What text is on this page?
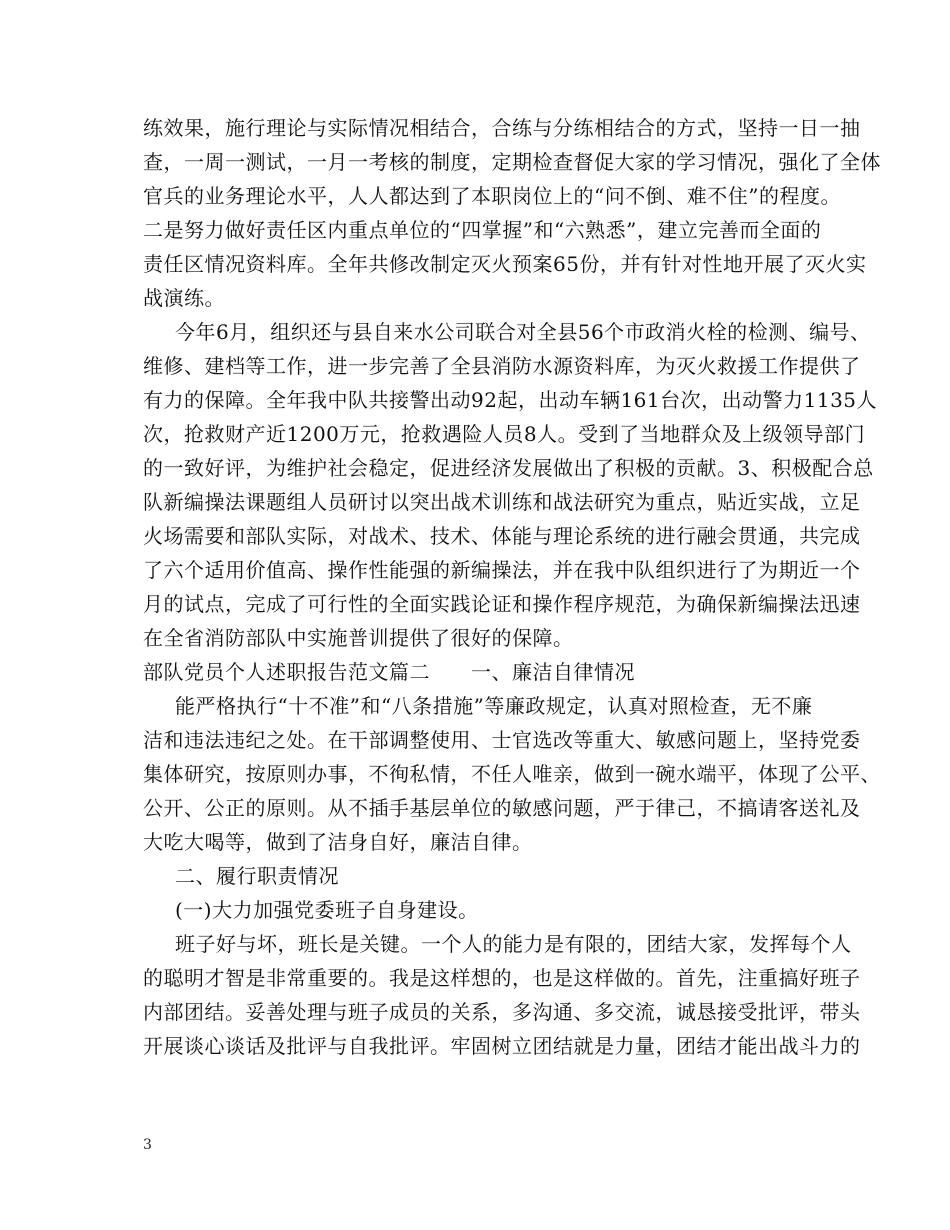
练效果，施行理论与实际情况相结合，合练与分练相结合的方式，坚持一日一抽
查，一周一测试，一月一考核的制度，定期检查督促大家的学习情况，强化了全体
官兵的业务理论水平，人人都达到了本职岗位上的“问不倒、难不住”的程度。
二是努力做好责任区内重点单位的“四掌握”和“六熟悉”，建立完善而全面的
责任区情况资料库。全年共修改制定灭火预案65份，并有针对性地开展了灭火实
战演练。
今年6月，组织还与县自来水公司联合对全县56个市政消火栓的检测、编号、
维修、建档等工作，进一步完善了全县消防水源资料库，为灭火救援工作提供了
有力的保障。全年我中队共接警出动92起，出动车辆161台次，出动警力1135人
次，抢救财产近1200万元，抢救遇险人员8人。受到了当地群众及上级领导部门
的一致好评，为维护社会稳定，促进经济发展做出了积极的贡献。3、积极配合总
队新编操法课题组人员研讨以突出战术训练和战法研究为重点，贴近实战，立足
火场需要和部队实际，对战术、技术、体能与理论系统的进行融会贯通，共完成
了六个适用价值高、操作性能强的新编操法，并在我中队组织进行了为期近一个
月的试点，完成了可行性的全面实践论证和操作程序规范，为确保新编操法迅速
在全省消防部队中实施普训提供了很好的保障。
部队党员个人述职报告范文篇二　　一、廉洁自律情况
能严格执行“十不准”和“八条措施”等廉政规定，认真对照检查，无不廉
洁和违法违纪之处。在干部调整使用、士官选改等重大、敏感问题上，坚持党委
集体研究，按原则办事，不徇私情，不任人唯亲，做到一碗水端平，体现了公平、
公开、公正的原则。从不插手基层单位的敏感问题，严于律己，不搞请客送礼及
大吃大喝等，做到了洁身自好，廉洁自律。
二、履行职责情况
(一)大力加强党委班子自身建设。
班子好与坏，班长是关键。一个人的能力是有限的，团结大家，发挥每个人
的聪明才智是非常重要的。我是这样想的，也是这样做的。首先，注重搞好班子
内部团结。妥善处理与班子成员的关系，多沟通、多交流，诚恳接受批评，带头
开展谈心谈话及批评与自我批评。牢固树立团结就是力量，团结才能出战斗力的
3
